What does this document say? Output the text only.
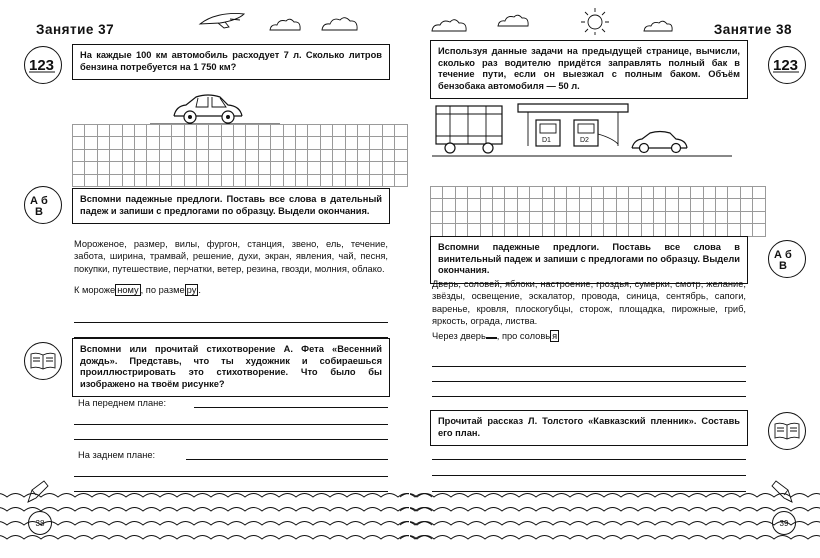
Занятие 37
123
На каждые 100 км автомобиль расходует 7 л. Сколько литров бензина потребуется на 1 750 км?

А б
В
Вспомни падежные предлоги. Поставь все слова в дательный падеж и запиши с предлогами по образцу. Выдели окончания.
Мороженое, размер, вилы, фургон, станция, звено, ель, течение, забота, ширина, трамвай, решение, духи, экран, явления, чай, песня, покупки, путешествие, перчатки, ветер, резина, гвозди, молния, облако.
К мороже ному , по разме ру .
Вспомни или прочитай стихотворение А. Фета «Весенний дождь». Представь, что ты художник и собираешься проиллюстрировать это стихотворение. Что было бы изображено на твоём рисунке?
На переднем плане:
На заднем плане:
38
Занятие 38
123
Используя данные задачи на предыдущей странице, вычисли, сколько раз водителю придётся заправлять полный бак в течение пути, если он выезжал с полным баком. Объём бензобака автомобиля — 50 л.
D1	D2

А б
В
Вспомни падежные предлоги. Поставь все слова в винительный падеж и запиши с предлогами по образцу. Выдели окончания.
Дверь, соловей, яблоки, настроение, гроздья, сумерки, смотр, желание, звёзды, освещение, эскалатор, провода, синица, сентябрь, сапоги, варенье, кровля, плоскогубцы, сторож, площадка, пирожные, гриб, яркость, ограда, листва.
Через дверь , про соловь я
Прочитай рассказ Л. Толстого «Кавказский пленник». Составь его план.
39
